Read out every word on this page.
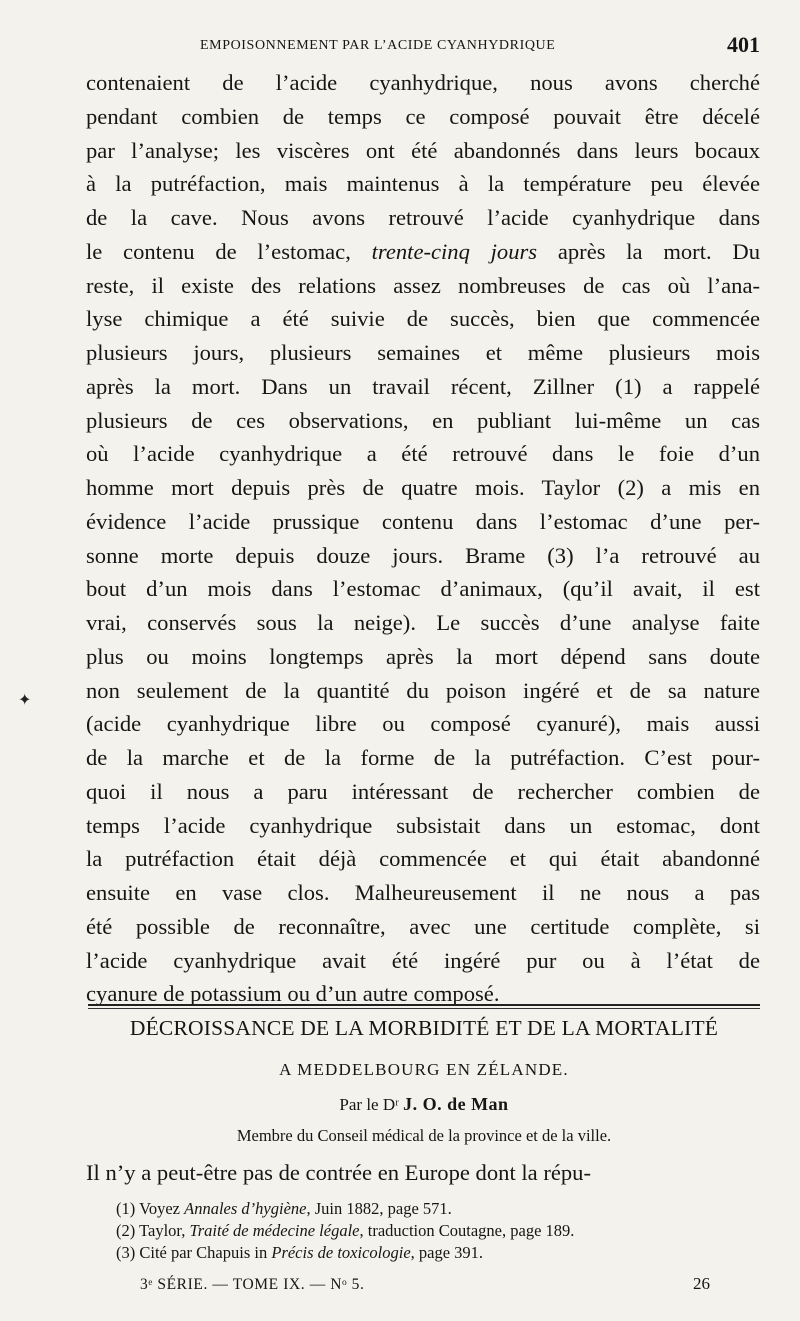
EMPOISONNEMENT PAR L’ACIDE CYANHYDRIQUE	401
contenaient de l’acide cyanhydrique, nous avons cherché
pendant combien de temps ce composé pouvait être décelé
par l’analyse; les viscères ont été abandonnés dans leurs bocaux
à la putréfaction, mais maintenus à la température peu élevée
de la cave. Nous avons retrouvé l’acide cyanhydrique dans
le contenu de l’estomac, trente-cinq jours après la mort. Du
reste, il existe des relations assez nombreuses de cas où l’ana-
lyse chimique a été suivie de succès, bien que commencée
plusieurs jours, plusieurs semaines et même plusieurs mois
après la mort. Dans un travail récent, Zillner (1) a rappelé
plusieurs de ces observations, en publiant lui-même un cas
où l’acide cyanhydrique a été retrouvé dans le foie d’un
homme mort depuis près de quatre mois. Taylor (2) a mis en
évidence l’acide prussique contenu dans l’estomac d’une per-
sonne morte depuis douze jours. Brame (3) l’a retrouvé au
bout d’un mois dans l’estomac d’animaux, (qu’il avait, il est
vrai, conservés sous la neige). Le succès d’une analyse faite
plus ou moins longtemps après la mort dépend sans doute
non seulement de la quantité du poison ingéré et de sa nature
(acide cyanhydrique libre ou composé cyanuré), mais aussi
de la marche et de la forme de la putréfaction. C’est pour-
quoi il nous a paru intéressant de rechercher combien de
temps l’acide cyanhydrique subsistait dans un estomac, dont
la putréfaction était déjà commencée et qui était abandonné
ensuite en vase clos. Malheureusement il ne nous a pas
été possible de reconnaître, avec une certitude complète, si
l’acide cyanhydrique avait été ingéré pur ou à l’état de
cyanure de potassium ou d’un autre composé.
DÉCROISSANCE DE LA MORBIDITÉ ET DE LA MORTALITÉ
A MEDDELBOURG EN ZÉLANDE.
Par le Dʳ J. O. de Man
Membre du Conseil médical de la province et de la ville.
Il n’y a peut-être pas de contrée en Europe dont la répu-
(1) Voyez Annales d’hygiène, Juin 1882, page 571.
(2) Taylor, Traité de médecine légale, traduction Coutagne, page 189.
(3) Cité par Chapuis in Précis de toxicologie, page 391.
3ᵉ SÉRIE. — TOME IX. — Nᵒ 5.	26
✦
